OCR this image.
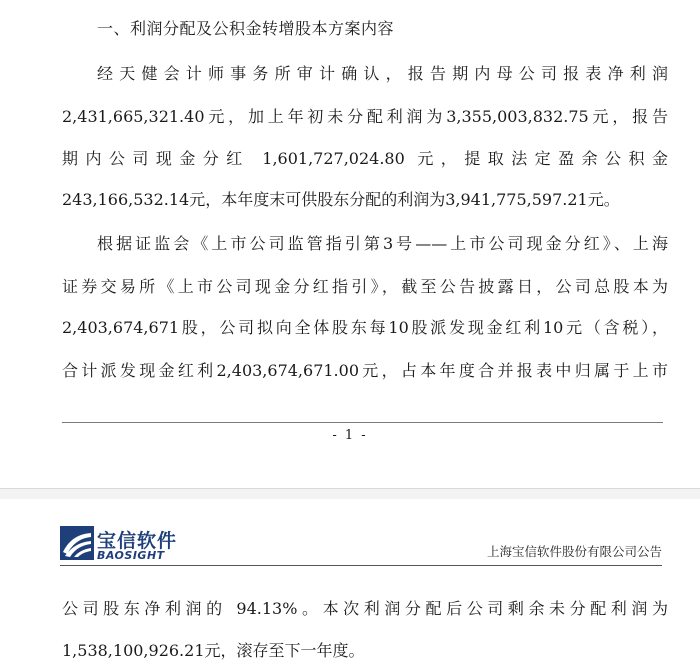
一、利润分配及公积金转增股本方案内容
经天健会计师事务所审计确认，报告期内母公司报表净利润
2,431,665,321.40元，加上年初未分配利润为3,355,003,832.75元，报告
期内公司现金分红 1,601,727,024.80 元，提取法定盈余公积金
243,166,532.14元，本年度末可供股东分配的利润为3,941,775,597.21元。
根据证监会《上市公司监管指引第3号——上市公司现金分红》、上海
证券交易所《上市公司现金分红指引》，截至公告披露日，公司总股本为
2,403,674,671股，公司拟向全体股东每10股派发现金红利10元（含税），
合计派发现金红利2,403,674,671.00元，占本年度合并报表中归属于上市
- 1 -
宝信软件
BAOSIGHT	上海宝信软件股份有限公司公告
公司股东净利润的 94.13%。本次利润分配后公司剩余未分配利润为
1,538,100,926.21元，滚存至下一年度。
